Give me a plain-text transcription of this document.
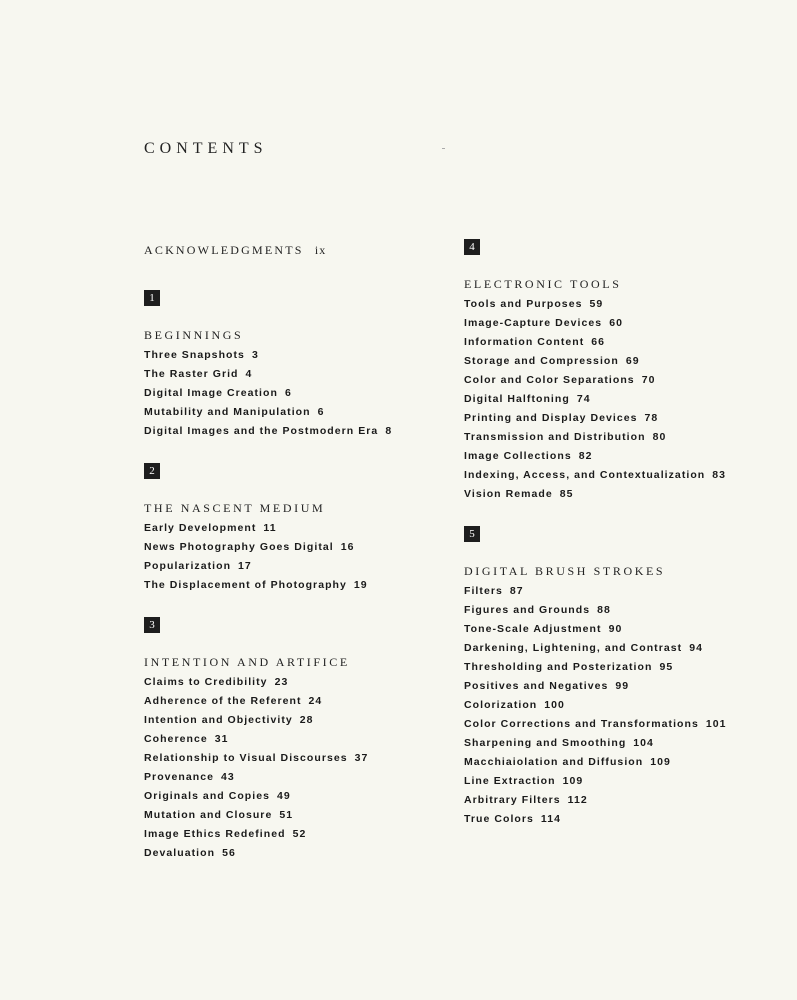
CONTENTS
ACKNOWLEDGMENTS ix
1
BEGINNINGS
Three Snapshots 3
The Raster Grid 4
Digital Image Creation 6
Mutability and Manipulation 6
Digital Images and the Postmodern Era 8
2
THE NASCENT MEDIUM
Early Development 11
News Photography Goes Digital 16
Popularization 17
The Displacement of Photography 19
3
INTENTION AND ARTIFICE
Claims to Credibility 23
Adherence of the Referent 24
Intention and Objectivity 28
Coherence 31
Relationship to Visual Discourses 37
Provenance 43
Originals and Copies 49
Mutation and Closure 51
Image Ethics Redefined 52
Devaluation 56
4
ELECTRONIC TOOLS
Tools and Purposes 59
Image-Capture Devices 60
Information Content 66
Storage and Compression 69
Color and Color Separations 70
Digital Halftoning 74
Printing and Display Devices 78
Transmission and Distribution 80
Image Collections 82
Indexing, Access, and Contextualization 83
Vision Remade 85
5
DIGITAL BRUSH STROKES
Filters 87
Figures and Grounds 88
Tone-Scale Adjustment 90
Darkening, Lightening, and Contrast 94
Thresholding and Posterization 95
Positives and Negatives 99
Colorization 100
Color Corrections and Transformations 101
Sharpening and Smoothing 104
Macchiaiolation and Diffusion 109
Line Extraction 109
Arbitrary Filters 112
True Colors 114
